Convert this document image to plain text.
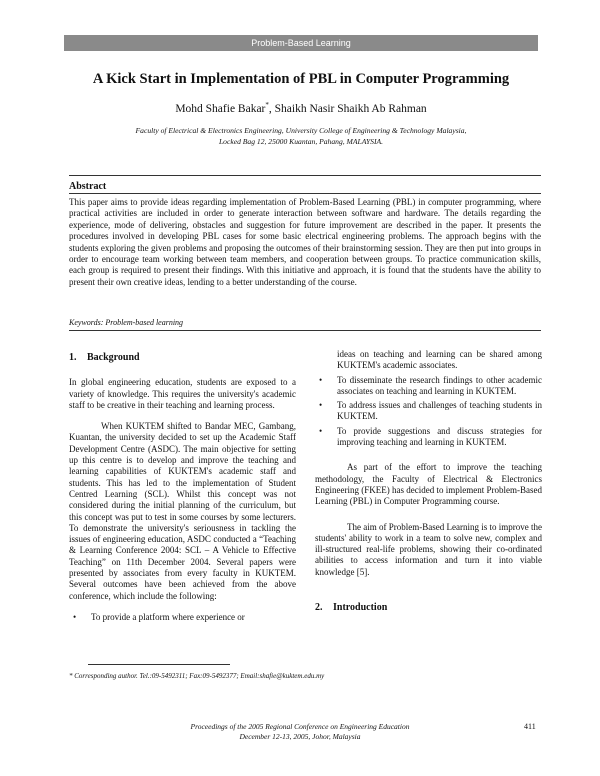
Problem-Based Learning
A Kick Start in Implementation of PBL in Computer Programming
Mohd Shafie Bakar*, Shaikh Nasir Shaikh Ab Rahman
Faculty of Electrical & Electronics Engineering, University College of Engineering & Technology Malaysia,
Locked Bag 12, 25000 Kuantan, Pahang, MALAYSIA.
Abstract
This paper aims to provide ideas regarding implementation of Problem-Based Learning (PBL) in computer programming, where practical activities are included in order to generate interaction between software and hardware. The details regarding the experience, mode of delivering, obstacles and suggestion for future improvement are described in the paper. It presents the procedures involved in developing PBL cases for some basic electrical engineering problems. The approach begins with the students exploring the given problems and proposing the outcomes of their brainstorming session. They are then put into groups in order to encourage team working between team members, and cooperation between groups. To practice communication skills, each group is required to present their findings. With this initiative and approach, it is found that the students have the ability to present their own creative ideas, lending to a better understanding of the course.
Keywords: Problem-based learning
1. Background

In global engineering education, students are exposed to a variety of knowledge. This requires the university's academic staff to be creative in their teaching and learning process.

When KUKTEM shifted to Bandar MEC, Gambang, Kuantan, the university decided to set up the Academic Staff Development Centre (ASDC). The main objective for setting up this centre is to develop and improve the teaching and learning capabilities of KUKTEM's academic staff and students. This has led to the implementation of Student Centred Learning (SCL). Whilst this concept was not considered during the initial planning of the curriculum, but this concept was put to test in some courses by some lecturers. To demonstrate the university's seriousness in tackling the issues of engineering education, ASDC conducted a “Teaching & Learning Conference 2004: SCL – A Vehicle to Effective Teaching” on 11th December 2004. Several papers were presented by associates from every faculty in KUKTEM. Several outcomes have been achieved from the above conference, which include the following:

• To provide a platform where experience or
ideas on teaching and learning can be shared among KUKTEM's academic associates.
• To disseminate the research findings to other academic associates on teaching and learning in KUKTEM.
• To address issues and challenges of teaching students in KUKTEM.
• To provide suggestions and discuss strategies for improving teaching and learning in KUKTEM.

As part of the effort to improve the teaching methodology, the Faculty of Electrical & Electronics Engineering (FKEE) has decided to implement Problem-Based Learning (PBL) in Computer Programming course.

The aim of Problem-Based Learning is to improve the students' ability to work in a team to solve new, complex and ill-structured real-life problems, showing their co-ordinated abilities to access information and turn it into viable knowledge [5].

2. Introduction
* Corresponding author. Tel.:09-5492311; Fax:09-5492377; Email:shafie@kuktem.edu.my
Proceedings of the 2005 Regional Conference on Engineering Education
December 12-13, 2005, Johor, Malaysia
411
